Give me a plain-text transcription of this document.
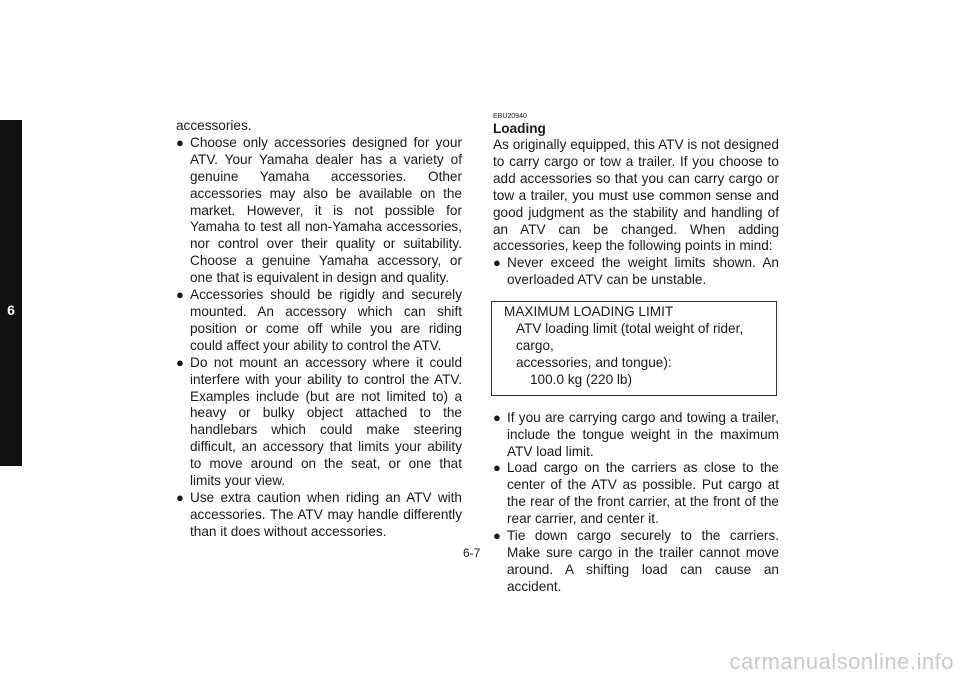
6

accessories.

● Choose only accessories designed for your ATV. Your Yamaha dealer has a variety of genuine Yamaha accessories. Other accessories may also be available on the market. However, it is not possible for Yamaha to test all non-Yamaha accessories, nor control over their quality or suitability. Choose a genuine Yamaha accessory, or one that is equivalent in design and quality.
● Accessories should be rigidly and securely mounted. An accessory which can shift position or come off while you are riding could affect your ability to control the ATV.
● Do not mount an accessory where it could interfere with your ability to control the ATV. Examples include (but are not limited to) a heavy or bulky object attached to the handlebars which could make steering difficult, an accessory that limits your ability to move around on the seat, or one that limits your view.
● Use extra caution when riding an ATV with accessories. The ATV may handle differently than it does without accessories.
EBU20940
Loading

As originally equipped, this ATV is not designed to carry cargo or tow a trailer. If you choose to add accessories so that you can carry cargo or tow a trailer, you must use common sense and good judgment as the stability and handling of an ATV can be changed. When adding accessories, keep the following points in mind:

● Never exceed the weight limits shown. An overloaded ATV can be unstable.
MAXIMUM LOADING LIMIT
ATV loading limit (total weight of rider, cargo,
accessories, and tongue):
100.0 kg (220 lb)
● If you are carrying cargo and towing a trailer, include the tongue weight in the maximum ATV load limit.
● Load cargo on the carriers as close to the center of the ATV as possible. Put cargo at the rear of the front carrier, at the front of the rear carrier, and center it.
● Tie down cargo securely to the carriers. Make sure cargo in the trailer cannot move around. A shifting load can cause an accident.
6-7
carmanualsonline.info
